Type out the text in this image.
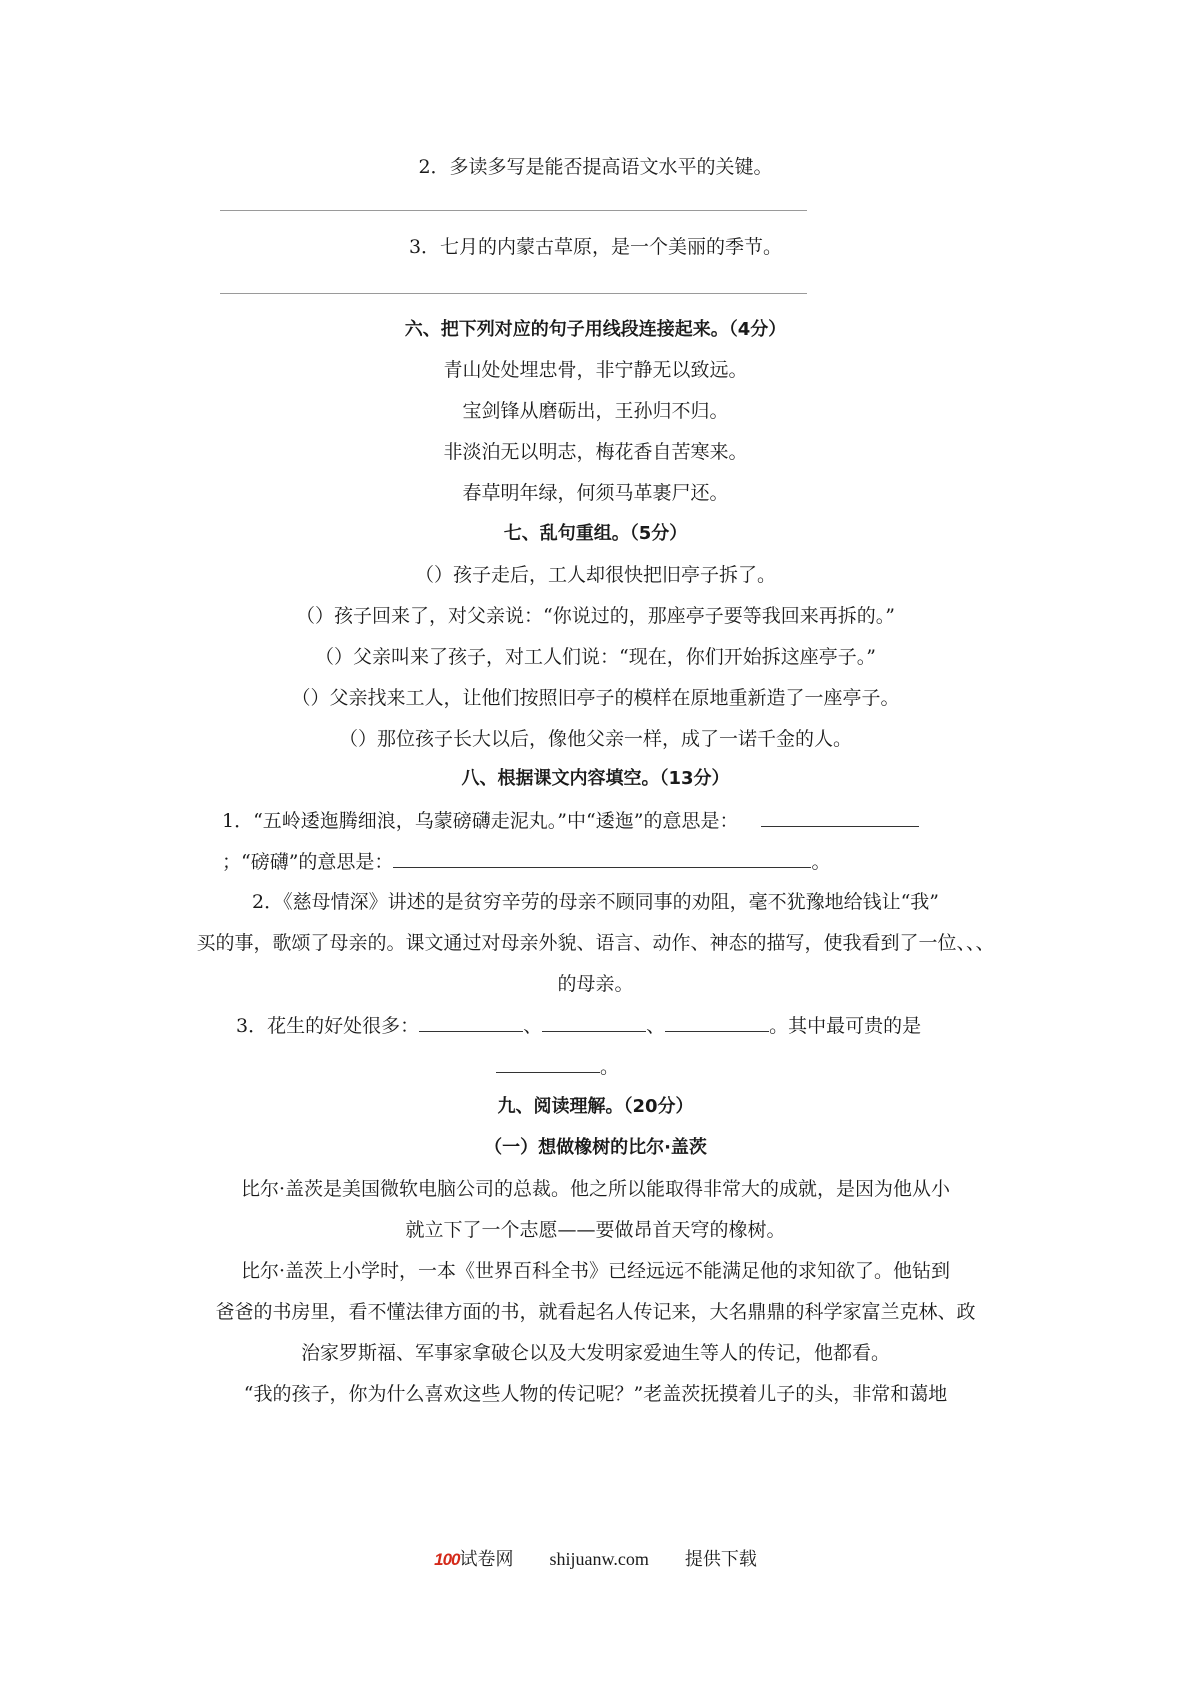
2．多读多写是能否提高语文水平的关键。
3．七月的内蒙古草原，是一个美丽的季节。
六、把下列对应的句子用线段连接起来。（4分）
青山处处埋忠骨，非宁静无以致远。
宝剑锋从磨砺出，王孙归不归。
非淡泊无以明志，梅花香自苦寒来。
春草明年绿，何须马革裹尸还。
七、乱句重组。（5分）
（）孩子走后，工人却很快把旧亭子拆了。
（）孩子回来了，对父亲说：“你说过的，那座亭子要等我回来再拆的。”
（）父亲叫来了孩子，对工人们说：“现在，你们开始拆这座亭子。”
（）父亲找来工人，让他们按照旧亭子的模样在原地重新造了一座亭子。
（）那位孩子长大以后，像他父亲一样，成了一诺千金的人。
八、根据课文内容填空。（13分）
1．“五岭逶迤腾细浪，乌蒙磅礴走泥丸。”中“逶迤”的意思是：
；“磅礴”的意思是：	。
2．《慈母情深》讲述的是贫穷辛劳的母亲不顾同事的劝阻，毫不犹豫地给钱让“我”
买的事，歌颂了母亲的。课文通过对母亲外貌、语言、动作、神态的描写，使我看到了一位、、、
的母亲。
3．花生的好处很多：	、	、	。其中最可贵的是
。
九、阅读理解。（20分）
（一）想做橡树的比尔·盖茨
比尔·盖茨是美国微软电脑公司的总裁。他之所以能取得非常大的成就，是因为他从小
就立下了一个志愿——要做昂首天穹的橡树。
比尔·盖茨上小学时，一本《世界百科全书》已经远远不能满足他的求知欲了。他钻到
爸爸的书房里，看不懂法律方面的书，就看起名人传记来，大名鼎鼎的科学家富兰克林、政
治家罗斯福、军事家拿破仑以及大发明家爱迪生等人的传记，他都看。
“我的孩子，你为什么喜欢这些人物的传记呢？”老盖茨抚摸着儿子的头，非常和蔼地
100试卷网 shijuanw.com 提供下载
